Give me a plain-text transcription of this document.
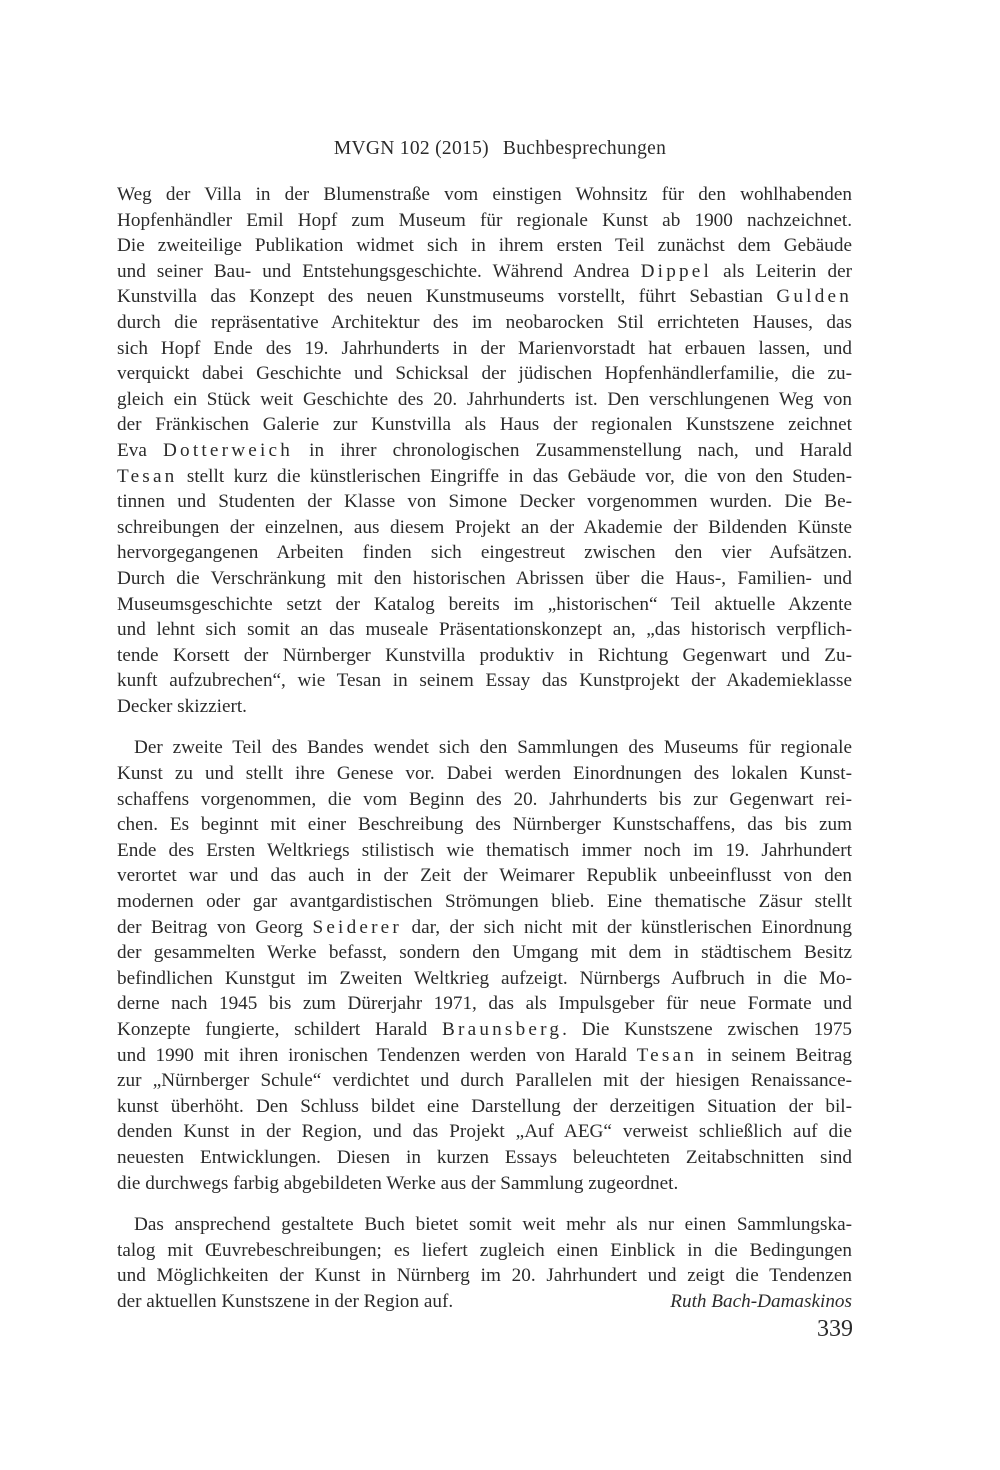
MVGN 102 (2015) Buchbesprechungen
Weg der Villa in der Blumenstraße vom einstigen Wohnsitz für den wohlhabenden
Hopfenhändler Emil Hopf zum Museum für regionale Kunst ab 1900 nachzeichnet.
Die zweiteilige Publikation widmet sich in ihrem ersten Teil zunächst dem Gebäude
und seiner Bau- und Entstehungsgeschichte. Während Andrea Dippel als Leiterin der
Kunstvilla das Konzept des neuen Kunstmuseums vorstellt, führt Sebastian Gulden
durch die repräsentative Architektur des im neobarocken Stil errichteten Hauses, das
sich Hopf Ende des 19. Jahrhunderts in der Marienvorstadt hat erbauen lassen, und
verquickt dabei Geschichte und Schicksal der jüdischen Hopfenhändlerfamilie, die zu-
gleich ein Stück weit Geschichte des 20. Jahrhunderts ist. Den verschlungenen Weg von
der Fränkischen Galerie zur Kunstvilla als Haus der regionalen Kunstszene zeichnet
Eva Dotterweich in ihrer chronologischen Zusammenstellung nach, und Harald
Tesan stellt kurz die künstlerischen Eingriffe in das Gebäude vor, die von den Studen-
tinnen und Studenten der Klasse von Simone Decker vorgenommen wurden. Die Be-
schreibungen der einzelnen, aus diesem Projekt an der Akademie der Bildenden Künste
hervorgegangenen Arbeiten finden sich eingestreut zwischen den vier Aufsätzen.
Durch die Verschränkung mit den historischen Abrissen über die Haus-, Familien- und
Museumsgeschichte setzt der Katalog bereits im „historischen“ Teil aktuelle Akzente
und lehnt sich somit an das museale Präsentationskonzept an, „das historisch verpflich-
tende Korsett der Nürnberger Kunstvilla produktiv in Richtung Gegenwart und Zu-
kunft aufzubrechen“, wie Tesan in seinem Essay das Kunstprojekt der Akademieklasse
Decker skizziert.
Der zweite Teil des Bandes wendet sich den Sammlungen des Museums für regionale
Kunst zu und stellt ihre Genese vor. Dabei werden Einordnungen des lokalen Kunst-
schaffens vorgenommen, die vom Beginn des 20. Jahrhunderts bis zur Gegenwart rei-
chen. Es beginnt mit einer Beschreibung des Nürnberger Kunstschaffens, das bis zum
Ende des Ersten Weltkriegs stilistisch wie thematisch immer noch im 19. Jahrhundert
verortet war und das auch in der Zeit der Weimarer Republik unbeeinflusst von den
modernen oder gar avantgardistischen Strömungen blieb. Eine thematische Zäsur stellt
der Beitrag von Georg Seiderer dar, der sich nicht mit der künstlerischen Einordnung
der gesammelten Werke befasst, sondern den Umgang mit dem in städtischem Besitz
befindlichen Kunstgut im Zweiten Weltkrieg aufzeigt. Nürnbergs Aufbruch in die Mo-
derne nach 1945 bis zum Dürerjahr 1971, das als Impulsgeber für neue Formate und
Konzepte fungierte, schildert Harald Braunsberg. Die Kunstszene zwischen 1975
und 1990 mit ihren ironischen Tendenzen werden von Harald Tesan in seinem Beitrag
zur „Nürnberger Schule“ verdichtet und durch Parallelen mit der hiesigen Renaissance-
kunst überhöht. Den Schluss bildet eine Darstellung der derzeitigen Situation der bil-
denden Kunst in der Region, und das Projekt „Auf AEG“ verweist schließlich auf die
neuesten Entwicklungen. Diesen in kurzen Essays beleuchteten Zeitabschnitten sind
die durchwegs farbig abgebildeten Werke aus der Sammlung zugeordnet.
Das ansprechend gestaltete Buch bietet somit weit mehr als nur einen Sammlungska-
talog mit Œuvrebeschreibungen; es liefert zugleich einen Einblick in die Bedingungen
und Möglichkeiten der Kunst in Nürnberg im 20. Jahrhundert und zeigt die Tendenzen
der aktuellen Kunstszene in der Region auf.	Ruth Bach-Damaskinos
339
